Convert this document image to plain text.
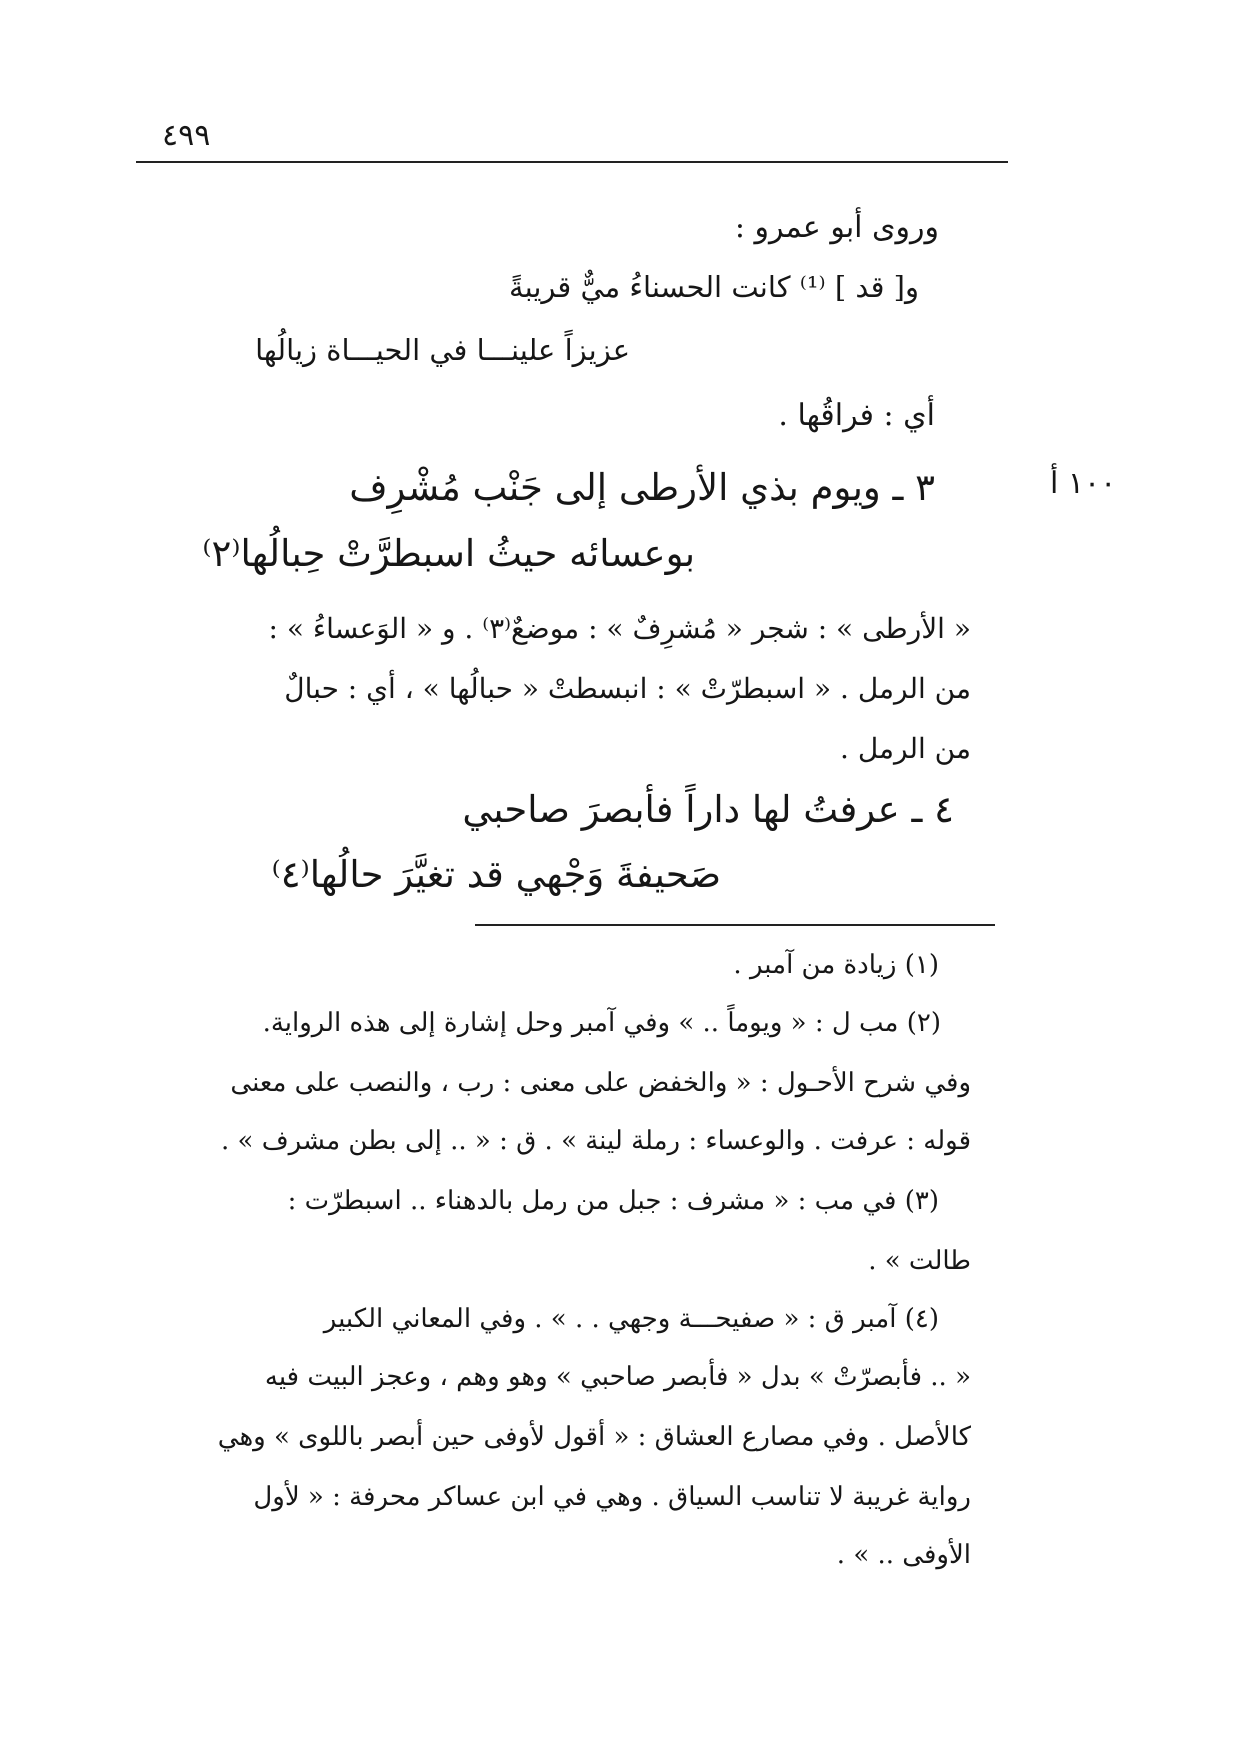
٤٩٩
١٠٠ أ
وروى أبو عمرو :
و[ قد ] ⁽¹⁾ كانت الحسناءُ ميٌّ قريبةً
عزيزاً علينـــا في الحيـــاة زيالُها
أي : فراقُها .
٣ ـ ويوم بذي الأرطى إلى جَنْب مُشْرِف
بوعسائه حيثُ اسبطرَّتْ حِبالُها⁽٢⁾
« الأرطى » : شجر « مُشرِفٌ » : موضعٌ⁽٣⁾ . و « الوَعساءُ » :
من الرمل . « اسبطرّتْ » : انبسطتْ « حبالُها » ، أي : حبالٌ
من الرمل .
٤ ـ عرفتُ لها داراً فأبصرَ صاحبي
صَحيفةَ وَجْهي قد تغيَّرَ حالُها⁽٤⁾
(١) زيادة من آمبر .
(٢) مب ل : « ويوماً .. » وفي آمبر وحل إشارة إلى هذه الرواية.
وفي شرح الأحـول : « والخفض على معنى : رب ، والنصب على معنى
قوله : عرفت . والوعساء : رملة لينة » . ق : « .. إلى بطن مشرف » .
(٣) في مب : « مشرف : جبل من رمل بالدهناء .. اسبطرّت :
طالت » .
(٤) آمبر ق : « صفيحـــة وجهي . . » . وفي المعاني الكبير
« .. فأبصرّتْ » بدل « فأبصر صاحبي » وهو وهم ، وعجز البيت فيه
كالأصل . وفي مصارع العشاق : « أقول لأوفى حين أبصر باللوى » وهي
رواية غريبة لا تناسب السياق . وهي في ابن عساكر محرفة : « لأول
الأوفى .. » .
